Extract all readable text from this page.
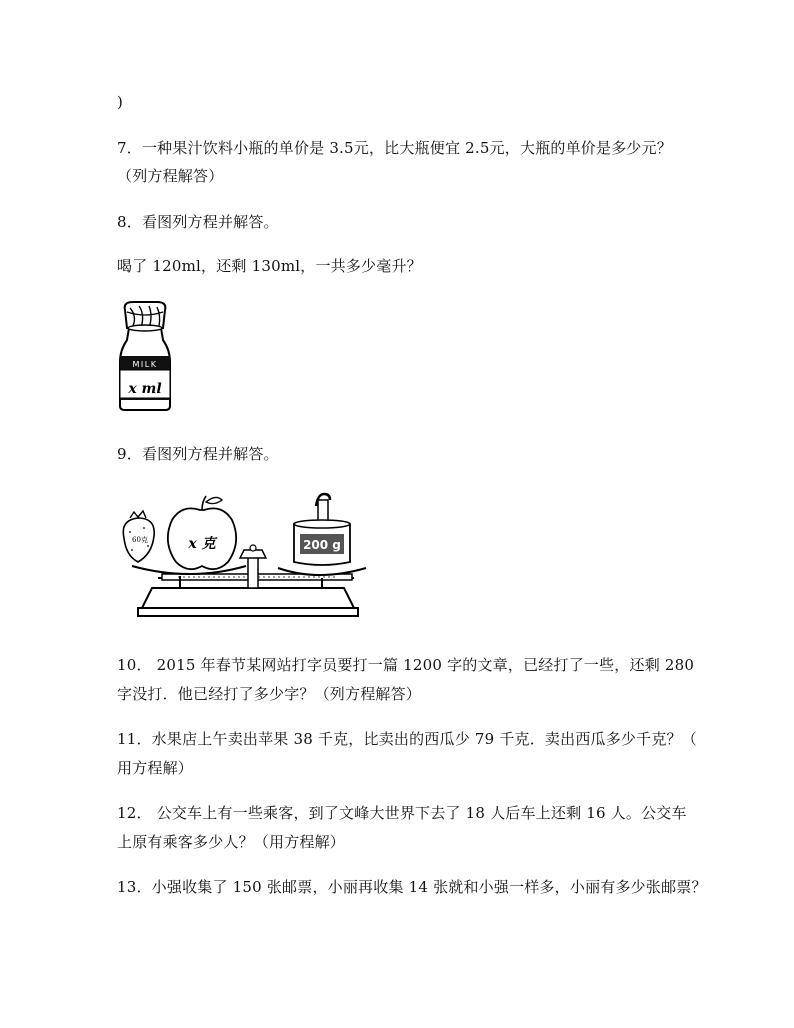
)
7．一种果汁饮料小瓶的单价是 3.5元，比大瓶便宜 2.5元，大瓶的单价是多少元？
（列方程解答）
8．看图列方程并解答。
喝了 120ml，还剩 130ml，一共多少毫升？
MILK
x ml
9．看图列方程并解答。
60克	x 克	200 g
10． 2015 年春节某网站打字员要打一篇 1200 字的文章，已经打了一些，还剩 280
字没打．他已经打了多少字？（列方程解答）
11．水果店上午卖出苹果 38 千克，比卖出的西瓜少 79 千克．卖出西瓜多少千克？（
用方程解）
12． 公交车上有一些乘客，到了文峰大世界下去了 18 人后车上还剩 16 人。公交车
上原有乘客多少人？（用方程解）
13．小强收集了 150 张邮票，小丽再收集 14 张就和小强一样多，小丽有多少张邮票？
